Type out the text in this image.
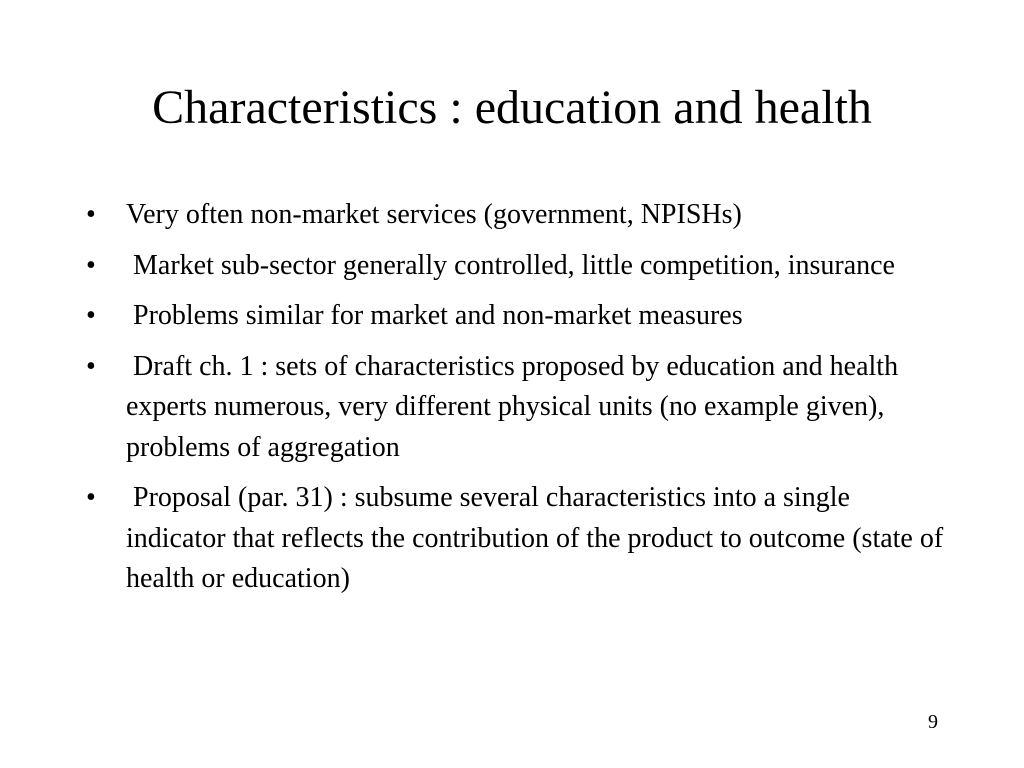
Characteristics : education and health
•	Very often non-market services (government, NPISHs)
•	Market sub-sector generally controlled, little competition, insurance
•	Problems similar for market and non-market measures
•	Draft ch. 1 : sets of characteristics proposed by education and health experts numerous, very different physical units (no example given), problems of aggregation
•	Proposal (par. 31) : subsume several characteristics into a single indicator that reflects the contribution of the product to outcome (state of health or education)
9
